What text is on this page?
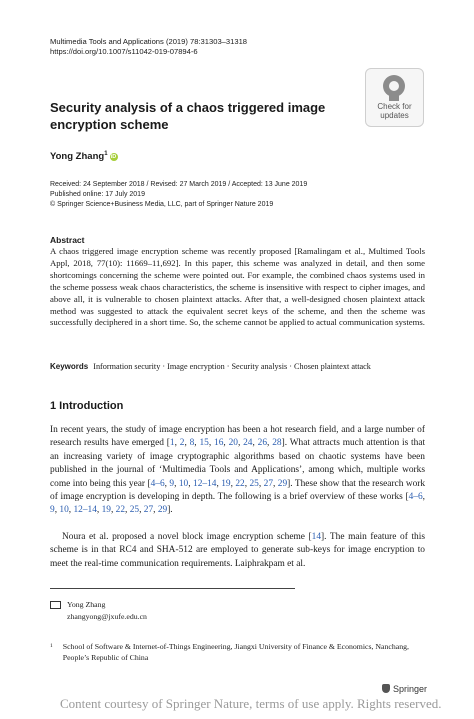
Multimedia Tools and Applications (2019) 78:31303–31318
https://doi.org/10.1007/s11042-019-07894-6
Check for
updates
Security analysis of a chaos triggered image encryption scheme
Yong Zhang$^1$ iD
Received: 24 September 2018 / Revised: 27 March 2019 / Accepted: 13 June 2019
Published online: 17 July 2019
© Springer Science+Business Media, LLC, part of Springer Nature 2019
Abstract
A chaos triggered image encryption scheme was recently proposed [Ramalingam et al., Multimed Tools Appl, 2018, 77(10): 11669–11,692]. In this paper, this scheme was analyzed in detail, and then some shortcomings concerning the scheme were pointed out. For example, the combined chaos systems used in the scheme possess weak chaos characteristics, the scheme is insensitive with respect to cipher images, and above all, it is vulnerable to chosen plaintext attacks. After that, a well-designed chosen plaintext attack method was suggested to attack the equivalent secret keys of the scheme, and then the scheme was successfully deciphered in a short time. So, the scheme cannot be applied to actual communication systems.
Keywords Information security · Image encryption · Security analysis · Chosen plaintext attack
1 Introduction
In recent years, the study of image encryption has been a hot research field, and a large number of research results have emerged [1, 2, 8, 15, 16, 20, 24, 26, 28]. What attracts much attention is that an increasing variety of image cryptographic algorithms based on chaotic systems have been published in the journal of ‘Multimedia Tools and Applications’, among which, multiple works come into being this year [4–6, 9, 10, 12–14, 19, 22, 25, 27, 29]. These show that the research work of image encryption is developing in depth. The following is a brief overview of these works [4–6, 9, 10, 12–14, 19, 22, 25, 27, 29].
Noura et al. proposed a novel block image encryption scheme [14]. The main feature of this scheme is in that RC4 and SHA-512 are employed to generate sub-keys for image encryption to meet the real-time communication requirements. Laiphrakpam et al.
Yong Zhang
zhangyong@jxufe.edu.cn
$^1$ School of Software & Internet-of-Things Engineering, Jiangxi University of Finance & Economics, Nanchang, People’s Republic of China
Springer
Content courtesy of Springer Nature, terms of use apply. Rights reserved.
